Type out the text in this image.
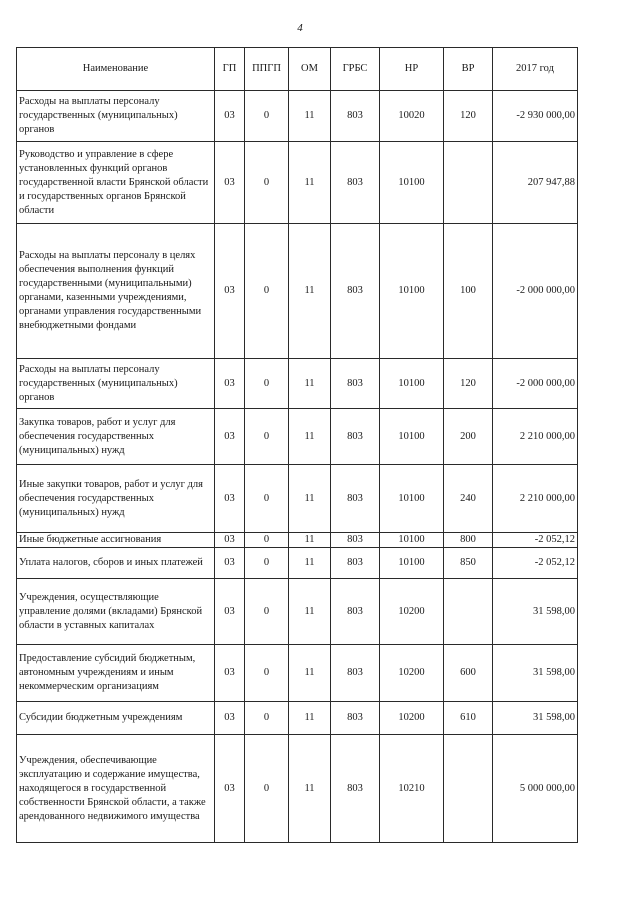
4
Наименование	ГП	ППГП	ОМ	ГРБС	НР	ВР	2017 год
Расходы на выплаты персоналу государственных (муниципальных) органов	03	0	11	803	10020	120	-2 930 000,00
Руководство и управление в сфере установленных функций органов государственной власти Брянской области и государственных органов Брянской области	03	0	11	803	10100		207 947,88
Расходы на выплаты персоналу в целях обеспечения выполнения функций государственными (муниципальными) органами, казенными учреждениями, органами управления государственными внебюджетными фондами	03	0	11	803	10100	100	-2 000 000,00
Расходы на выплаты персоналу государственных (муниципальных) органов	03	0	11	803	10100	120	-2 000 000,00
Закупка товаров, работ и услуг для обеспечения государственных (муниципальных) нужд	03	0	11	803	10100	200	2 210 000,00
Иные закупки товаров, работ и услуг для обеспечения государственных (муниципальных) нужд	03	0	11	803	10100	240	2 210 000,00
Иные бюджетные ассигнования	03	0	11	803	10100	800	-2 052,12
Уплата налогов, сборов и иных платежей	03	0	11	803	10100	850	-2 052,12
Учреждения, осуществляющие управление долями (вкладами) Брянской области в уставных капиталах	03	0	11	803	10200		31 598,00
Предоставление субсидий бюджетным, автономным учреждениям и иным некоммерческим организациям	03	0	11	803	10200	600	31 598,00
Субсидии бюджетным учреждениям	03	0	11	803	10200	610	31 598,00
Учреждения, обеспечивающие эксплуатацию и содержание имущества, находящегося в государственной собственности Брянской области, а также арендованного недвижимого имущества	03	0	11	803	10210		5 000 000,00
